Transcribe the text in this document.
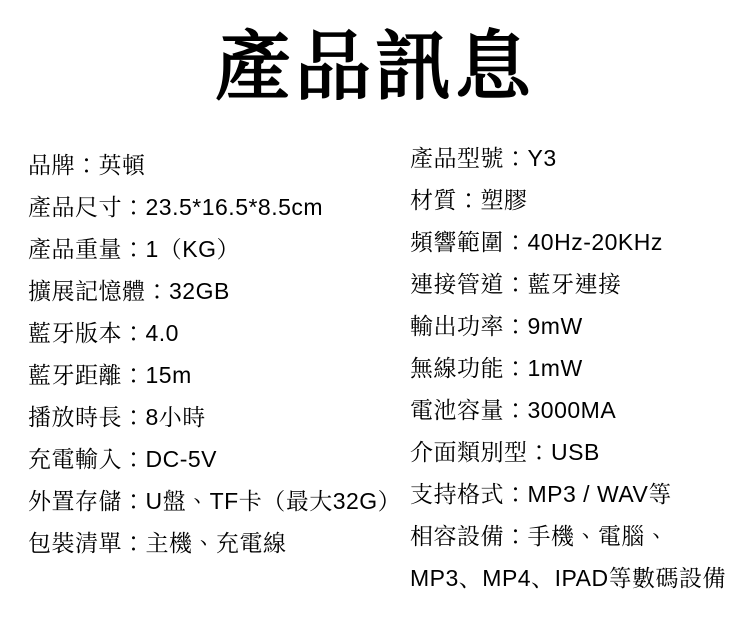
產品訊息
品牌：英頓
產品尺寸：23.5*16.5*8.5cm
產品重量：1（KG）
擴展記憶體：32GB
藍牙版本：4.0
藍牙距離：15m
播放時長：8小時
充電輸入：DC-5V
外置存儲：U盤、TF卡（最大32G）
包裝清單：主機、充電線
產品型號：Y3
材質：塑膠
頻響範圍：40Hz-20KHz
連接管道：藍牙連接
輸出功率：9mW
無線功能：1mW
電池容量：3000MA
介面類別型：USB
支持格式：MP3 / WAV等
相容設備：手機、電腦、MP3、MP4、IPAD等數碼設備
